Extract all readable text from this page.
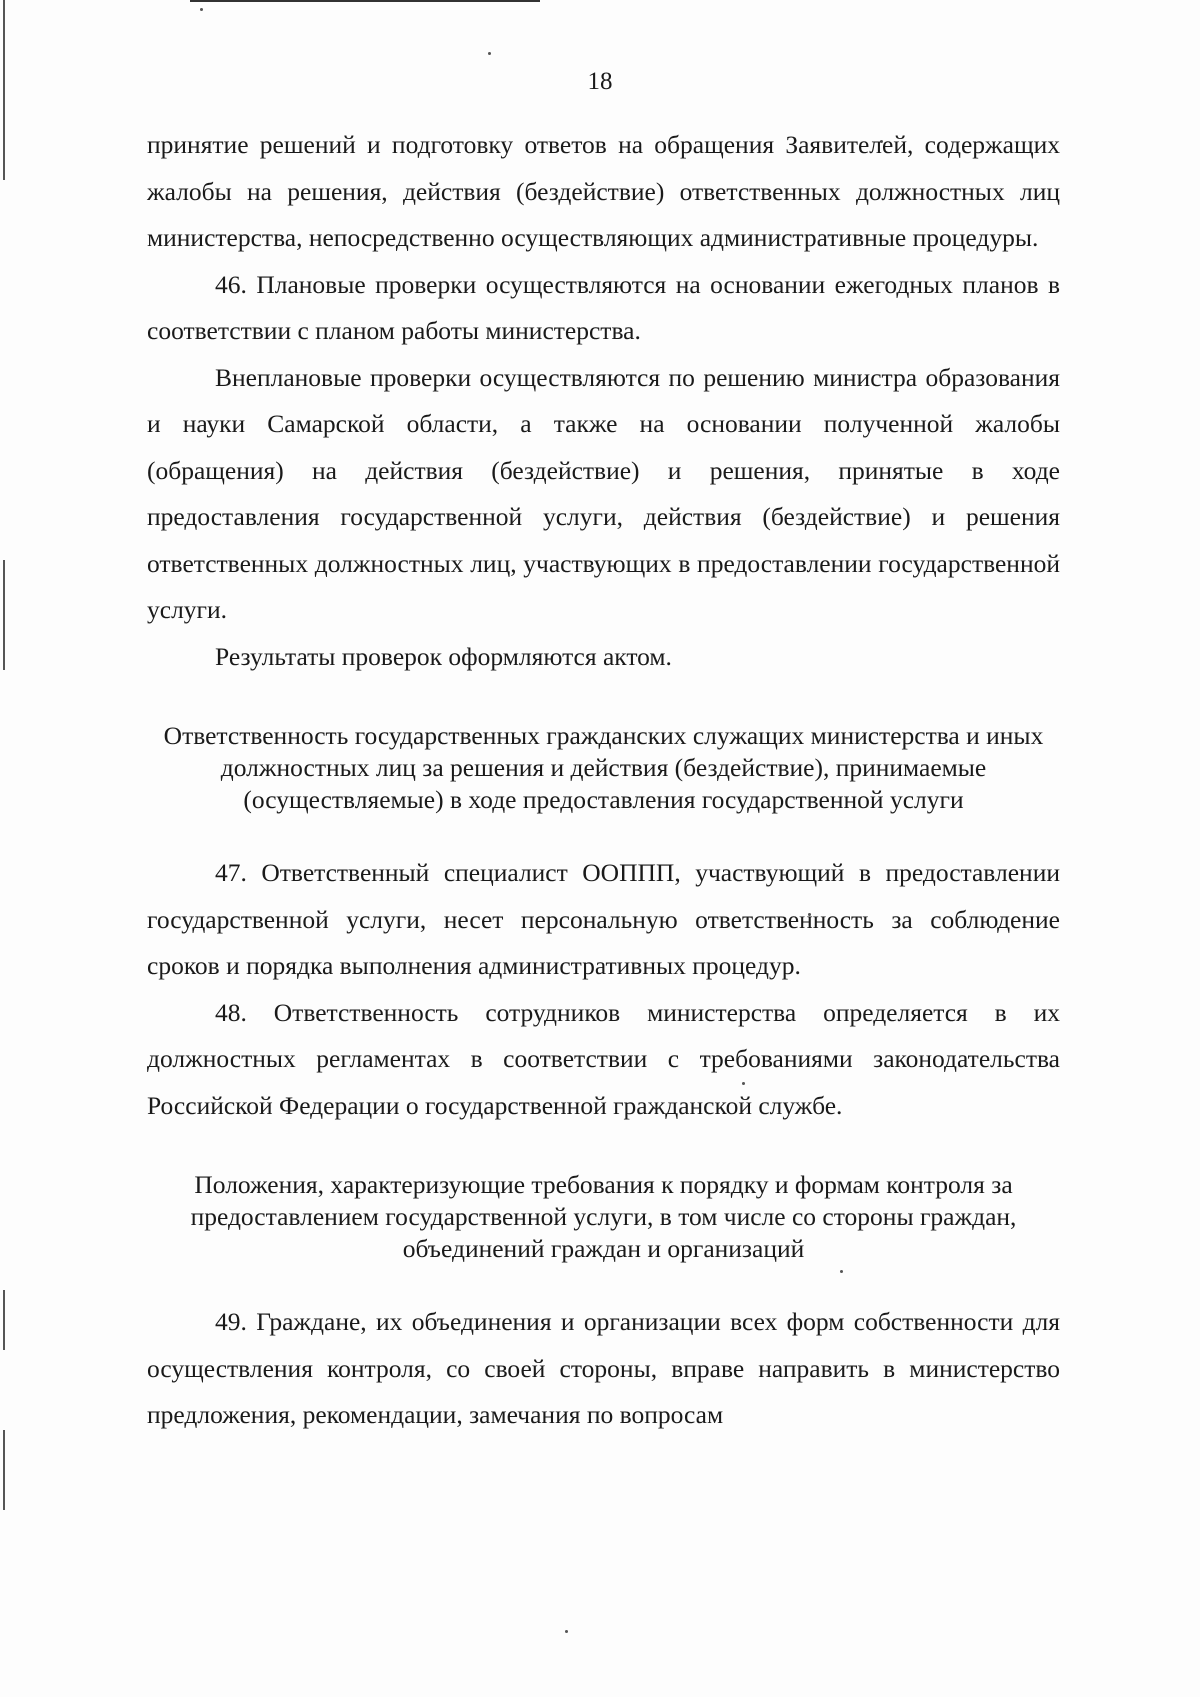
18

принятие решений и подготовку ответов на обращения Заявителей, содержащих жалобы на решения, действия (бездействие) ответственных должностных лиц министерства, непосредственно осуществляющих административные процедуры.

46. Плановые проверки осуществляются на основании ежегодных планов в соответствии с планом работы министерства.

Внеплановые проверки осуществляются по решению министра образования и науки Самарской области, а также на основании полученной жалобы (обращения) на действия (бездействие) и решения, принятые в ходе предоставления государственной услуги, действия (бездействие) и решения ответственных должностных лиц, участвующих в предоставлении государственной услуги.

Результаты проверок оформляются актом.

Ответственность государственных гражданских служащих министерства и иных должностных лиц за решения и действия (бездействие), принимаемые (осуществляемые) в ходе предоставления государственной услуги

47. Ответственный специалист ООППП, участвующий в предоставлении государственной услуги, несет персональную ответственность за соблюдение сроков и порядка выполнения административных процедур.

48. Ответственность сотрудников министерства определяется в их должностных регламентах в соответствии с требованиями законодательства Российской Федерации о государственной гражданской службе.

Положения, характеризующие требования к порядку и формам контроля за предоставлением государственной услуги, в том числе со стороны граждан, объединений граждан и организаций

49. Граждане, их объединения и организации всех форм собственности для осуществления контроля, со своей стороны, вправе направить в министерство предложения, рекомендации, замечания по вопросам
